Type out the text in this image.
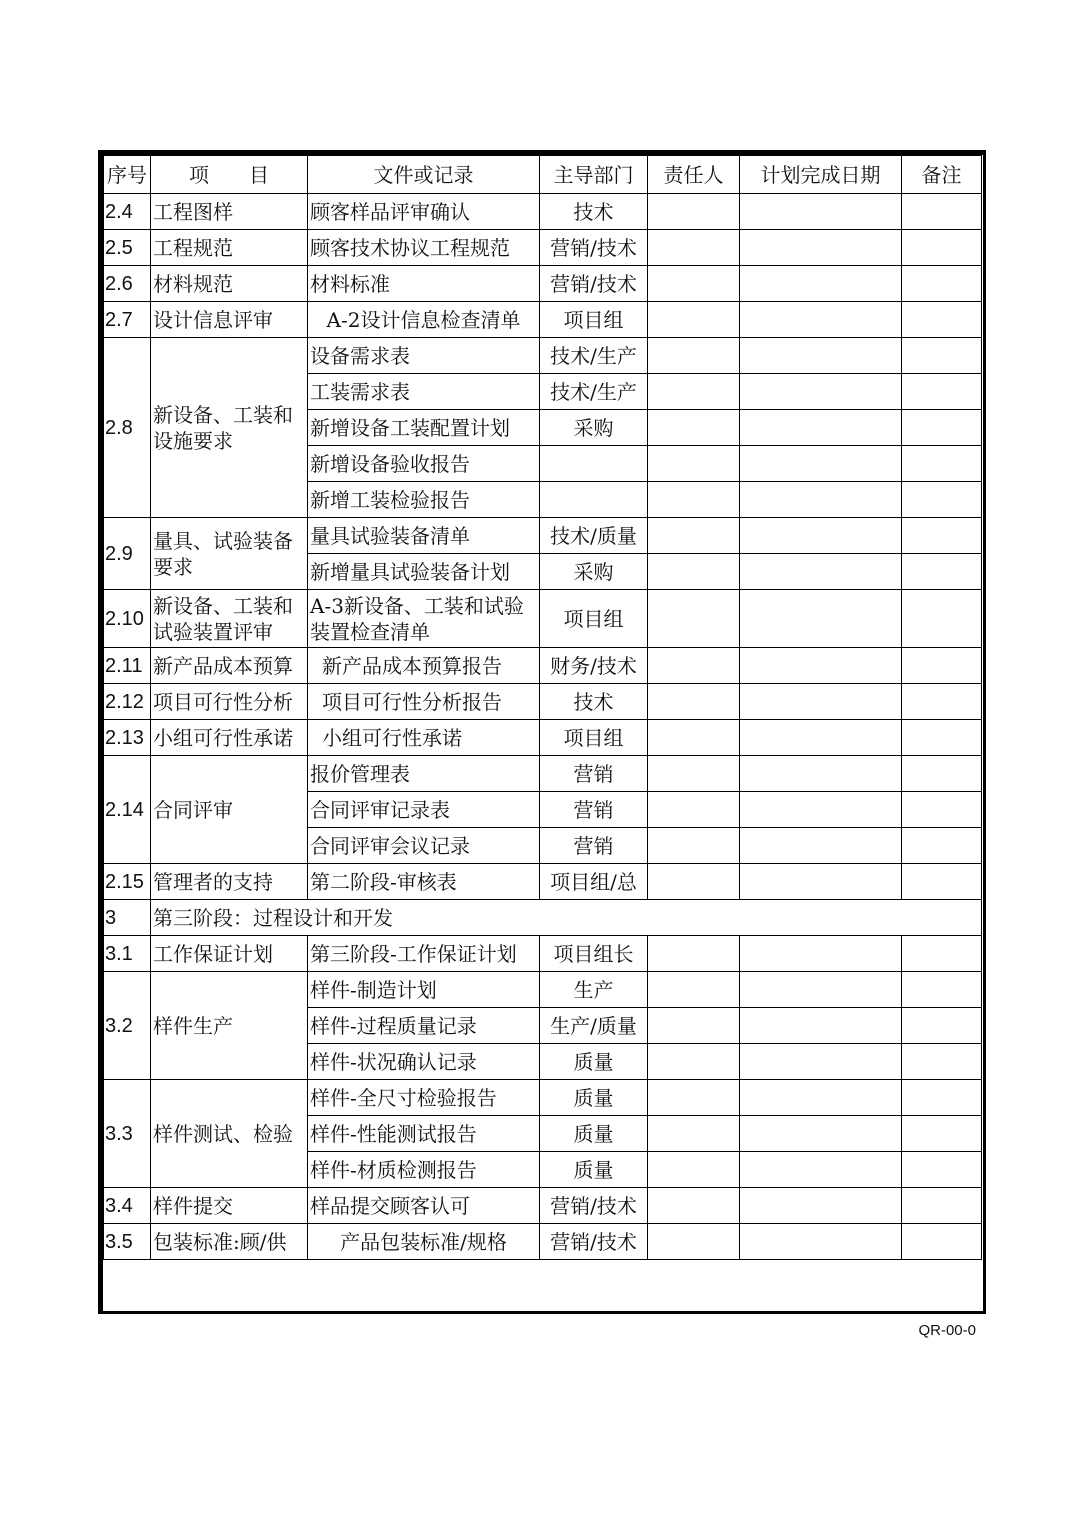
序号	项　　目	文件或记录	主导部门	责任人	计划完成日期	备注
2.4	工程图样	顾客样品评审确认	技术			
2.5	工程规范	顾客技术协议工程规范	营销/技术			
2.6	材料规范	材料标准	营销/技术			
2.7	设计信息评审	A-2设计信息检查清单	项目组			
2.8	新设备、工装和设施要求	设备需求表	技术/生产			
		工装需求表	技术/生产			
		新增设备工装配置计划	采购			
		新增设备验收报告				
		新增工装检验报告				
2.9	量具、试验装备要求	量具试验装备清单	技术/质量			
		新增量具试验装备计划	采购			
2.10	新设备、工装和试验装置评审	A-3新设备、工装和试验装置检查清单	项目组			
2.11	新产品成本预算	新产品成本预算报告	财务/技术			
2.12	项目可行性分析	项目可行性分析报告	技术			
2.13	小组可行性承诺	小组可行性承诺	项目组			
2.14	合同评审	报价管理表	营销			
		合同评审记录表	营销			
		合同评审会议记录	营销			
2.15	管理者的支持	第二阶段-审核表	项目组/总			
3	第三阶段：过程设计和开发					
3.1	工作保证计划	第三阶段-工作保证计划	项目组长			
3.2	样件生产	样件-制造计划	生产			
		样件-过程质量记录	生产/质量			
		样件-状况确认记录	质量			
3.3	样件测试、检验	样件-全尺寸检验报告	质量			
		样件-性能测试报告	质量			
		样件-材质检测报告	质量			
3.4	样件提交	样品提交顾客认可	营销/技术			
3.5	包装标准:顾/供	产品包装标准/规格	营销/技术			
QR-00-0
